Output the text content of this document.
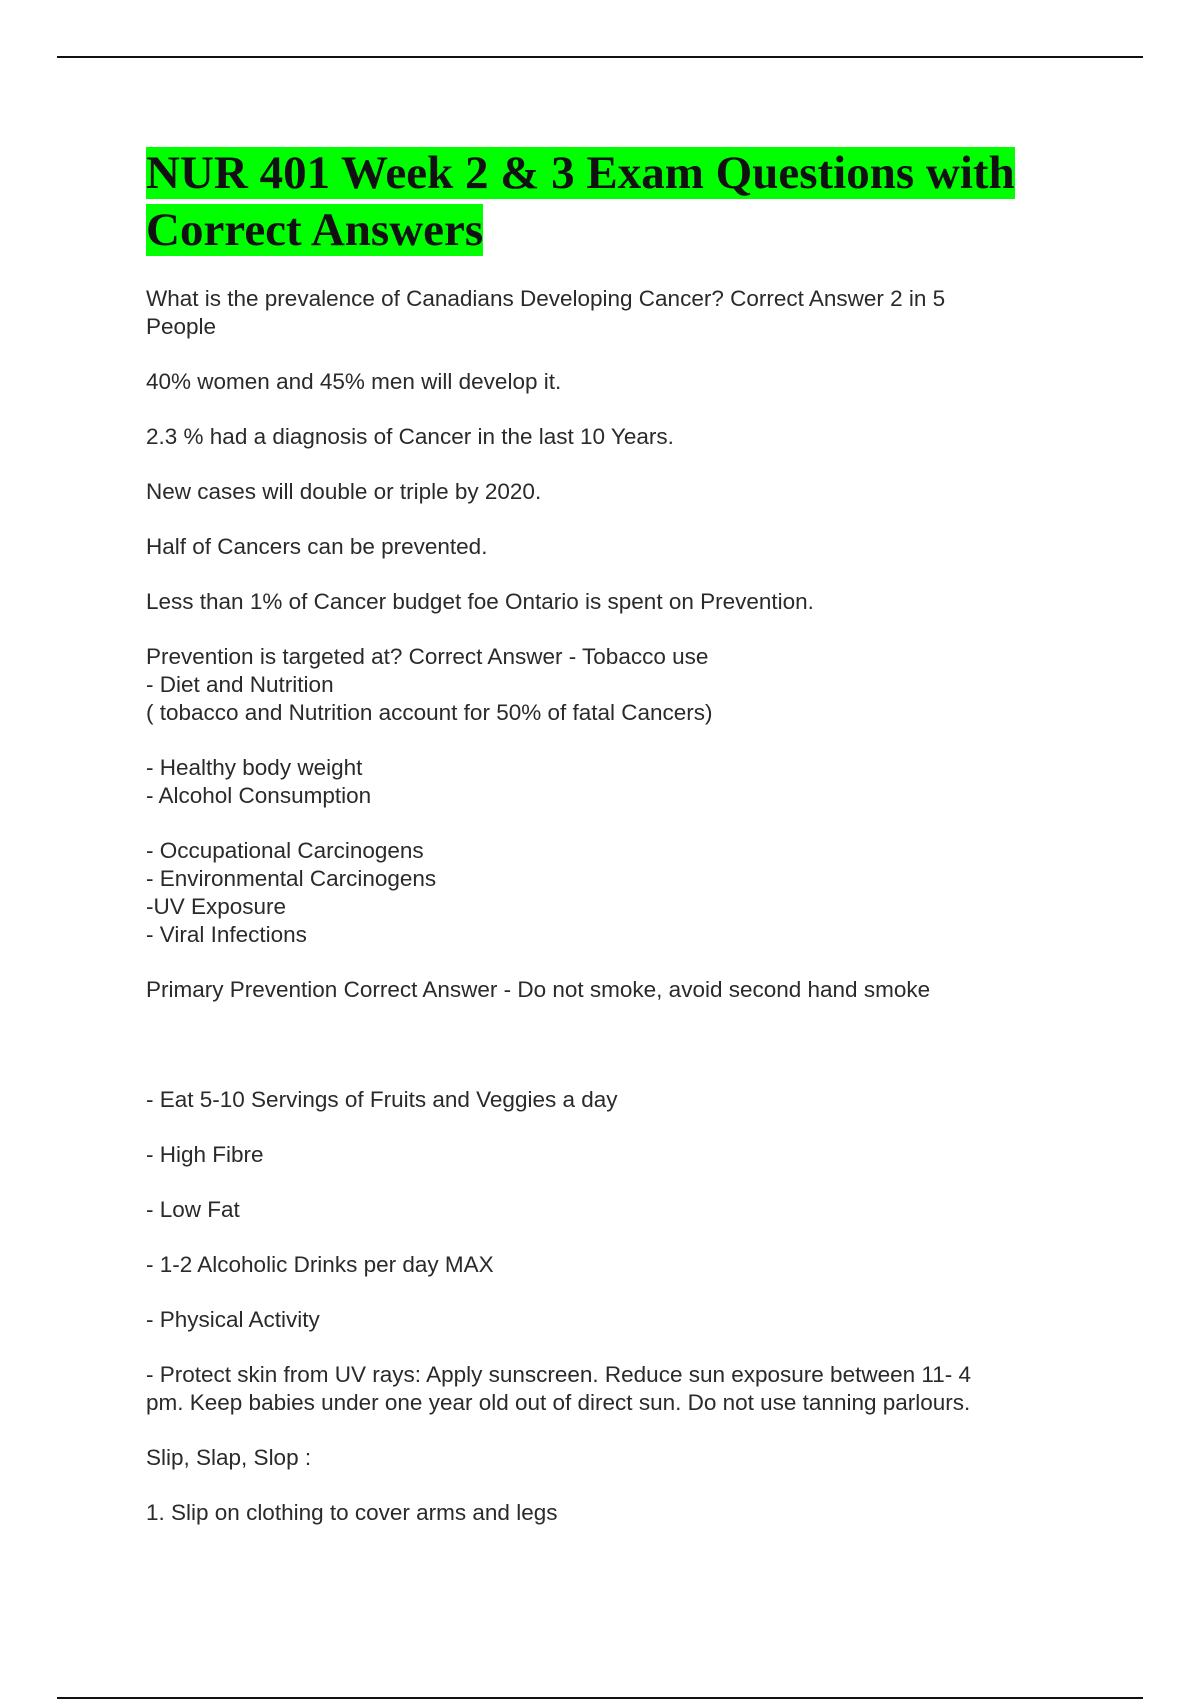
NUR 401 Week 2 & 3 Exam Questions with
Correct Answers

What is the prevalence of Canadians Developing Cancer? Correct Answer 2 in 5
People

40% women and 45% men will develop it.

2.3 % had a diagnosis of Cancer in the last 10 Years.

New cases will double or triple by 2020.

Half of Cancers can be prevented.

Less than 1% of Cancer budget foe Ontario is spent on Prevention.

Prevention is targeted at? Correct Answer - Tobacco use
- Diet and Nutrition
( tobacco and Nutrition account for 50% of fatal Cancers)

- Healthy body weight
- Alcohol Consumption

- Occupational Carcinogens
- Environmental Carcinogens
-UV Exposure
- Viral Infections

Primary Prevention Correct Answer - Do not smoke, avoid second hand smoke

- Eat 5-10 Servings of Fruits and Veggies a day

- High Fibre

- Low Fat

- 1-2 Alcoholic Drinks per day MAX

- Physical Activity

- Protect skin from UV rays: Apply sunscreen. Reduce sun exposure between 11- 4
pm. Keep babies under one year old out of direct sun. Do not use tanning parlours.

Slip, Slap, Slop :

1. Slip on clothing to cover arms and legs
